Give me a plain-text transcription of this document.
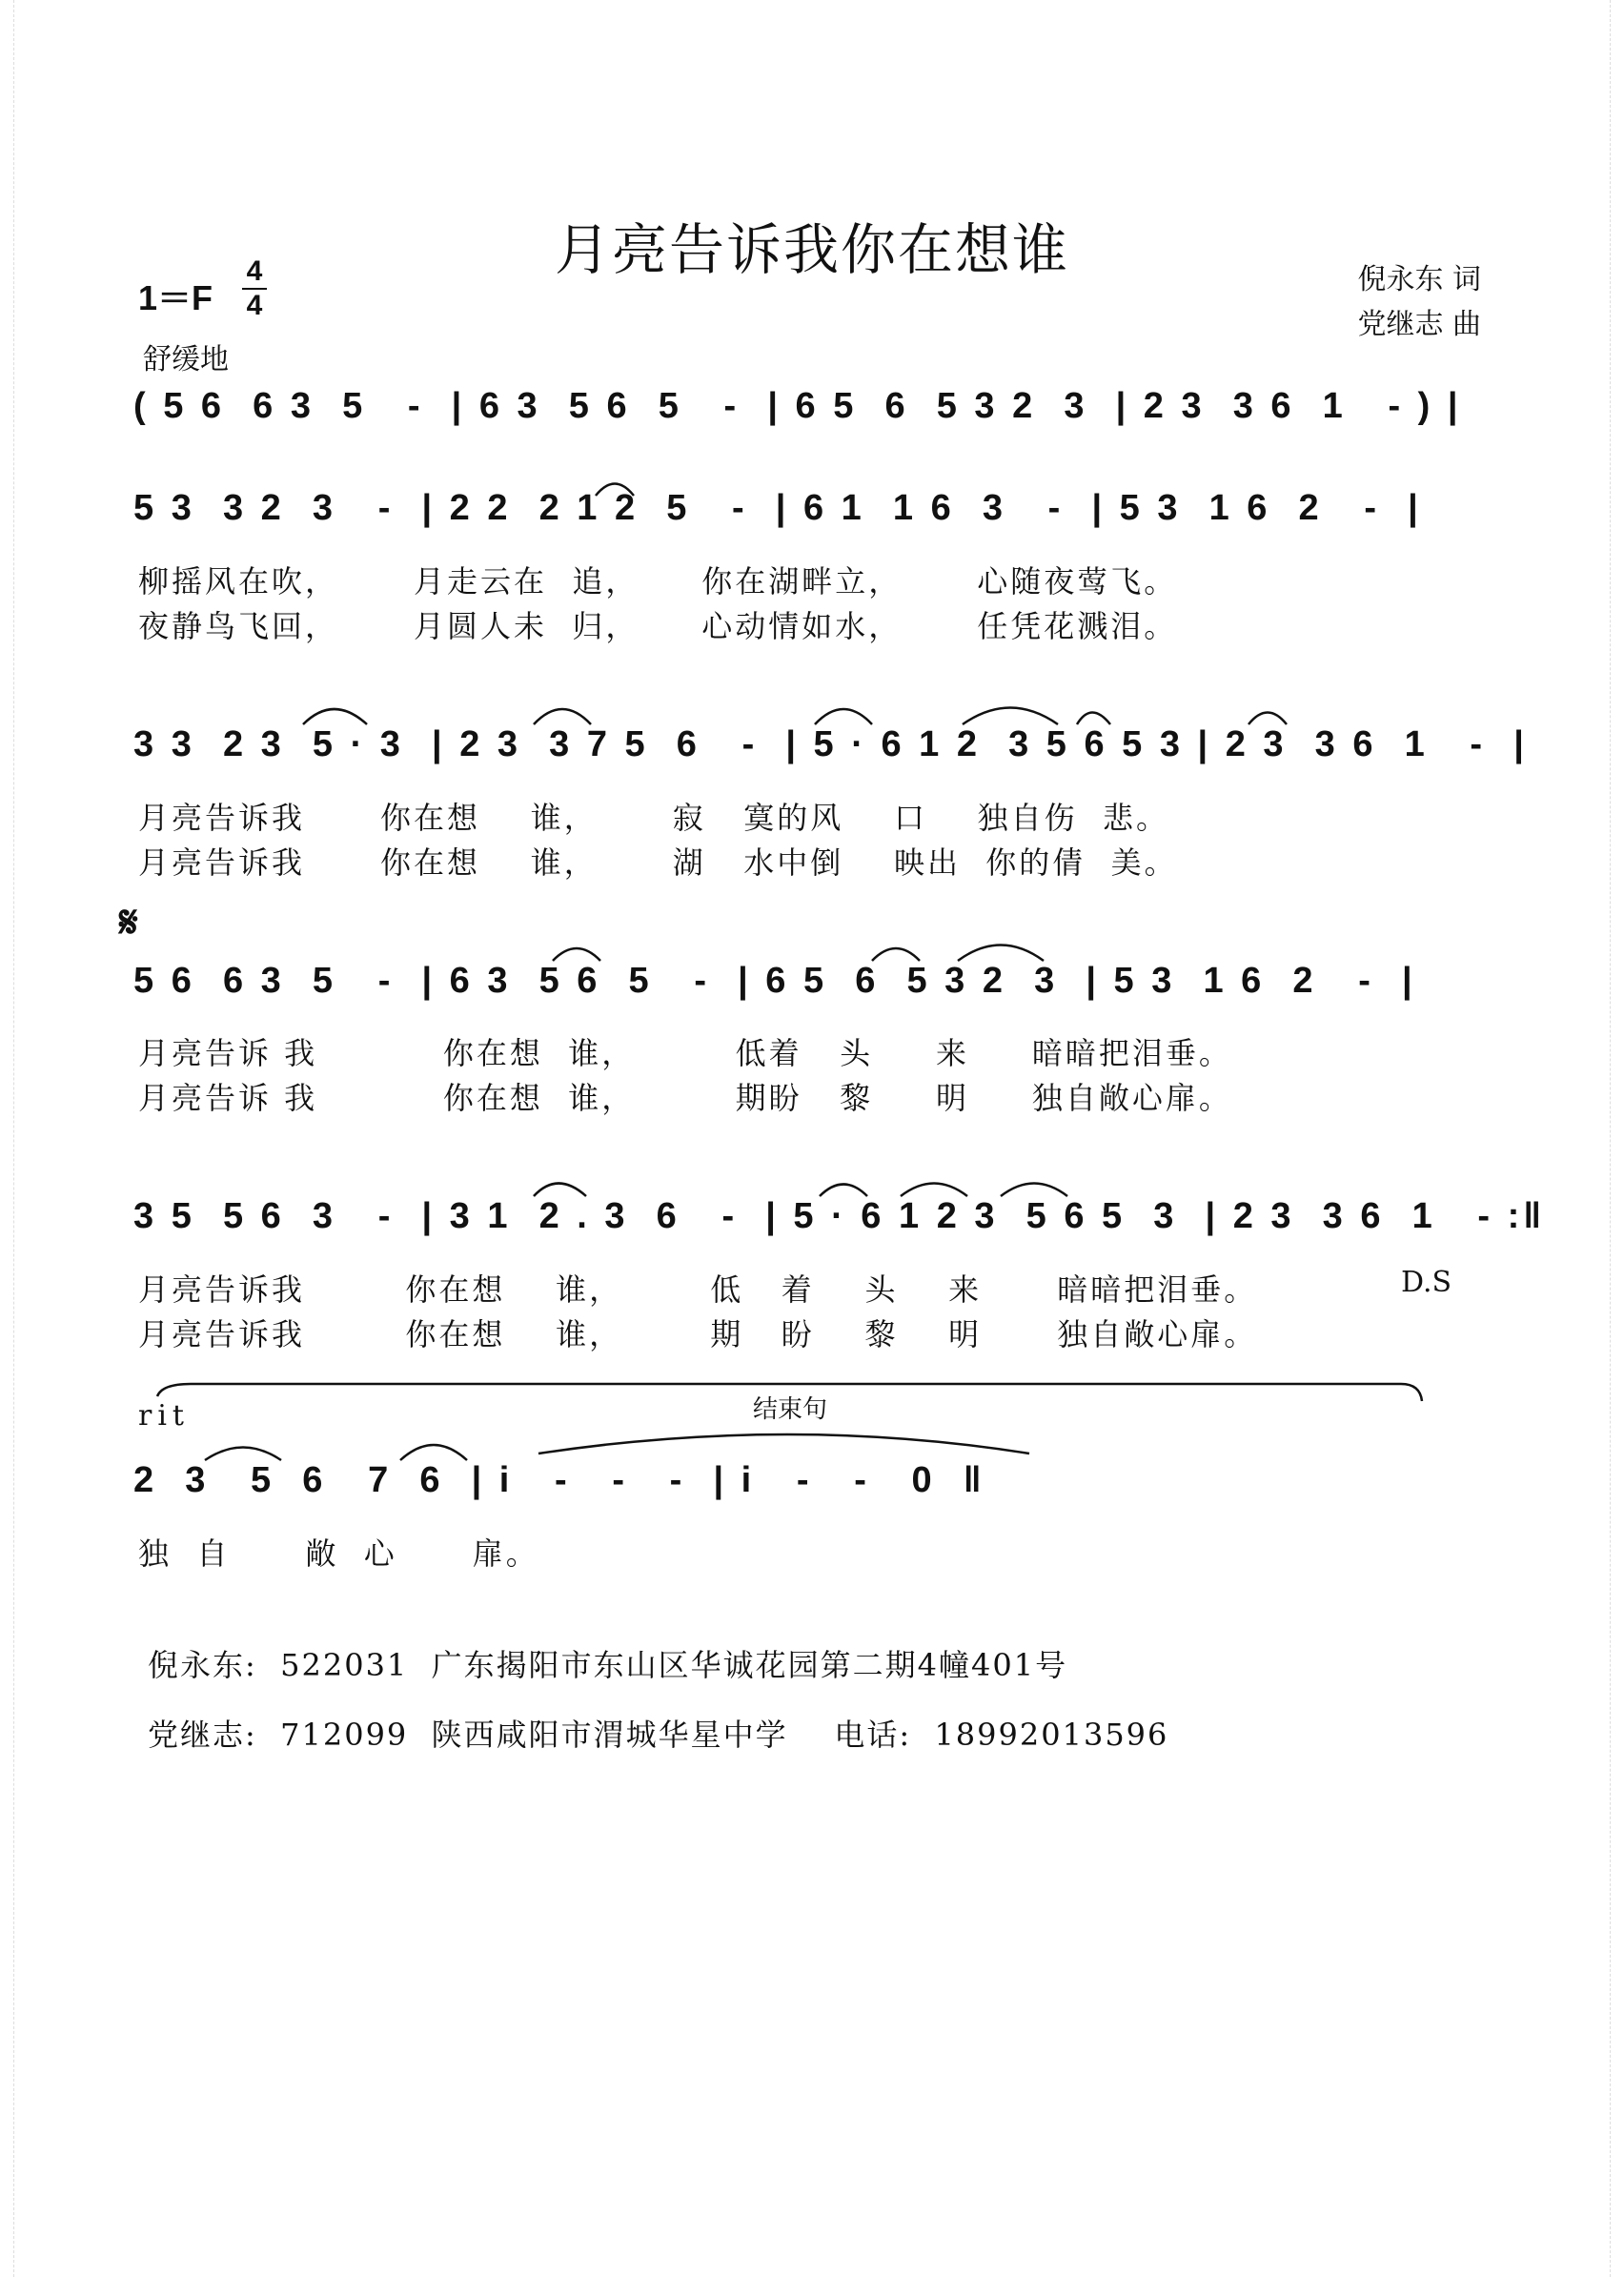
月亮告诉我你在想谁
1＝F
4
4
倪永东 词
党继志 曲
舒缓地
( 5 6  6 3  5   -  | 6 3  5 6  5   -  | 6 5  6  5 3 2  3  | 2 3  3 6  1   - ) |
5 3  3 2  3   -  | 2 2  2 1 2  5   -  | 6 1  1 6  3   -  | 5 3  1 6  2   -  |
柳摇风在吹，      月走云在  追，     你在湖畔立，      心随夜莺飞。
夜静鸟飞回，      月圆人未  归，     心动情如水，      任凭花溅泪。
3 3  2 3  5 · 3  | 2 3  3 7 5  6   -  | 5 · 6 1 2  3 5 6 5 3 | 2 3  3 6  1   -  |
月亮告诉我      你在想    谁，      寂   寞的风    口    独自伤  悲。
月亮告诉我      你在想    谁，      湖   水中倒    映出  你的倩  美。
𝄋
5 6  6 3  5   -  | 6 3  5 6  5   -  | 6 5  6  5 3 2  3  | 5 3  1 6  2   -  |
月亮告诉 我          你在想  谁，        低着   头     来     暗暗把泪垂。
月亮告诉 我          你在想  谁，        期盼   黎     明     独自敞心扉。
3 5  5 6  3   -  | 3 1  2 . 3  6   -  | 5 · 6 1 2 3  5 6 5  3  | 2 3  3 6  1   - :‖
月亮告诉我        你在想    谁，       低   着    头    来      暗暗把泪垂。
月亮告诉我        你在想    谁，       期   盼    黎    明      独自敞心扉。
D.S
rit	结束句
2  3   5  6   7  6  | i   -   -   -  | i   -   -   0  ‖
独  自      敞  心      扉。
倪永东:  522031  广东揭阳市东山区华诚花园第二期4幢401号
党继志:  712099  陕西咸阳市渭城华星中学    电话:  18992013596
